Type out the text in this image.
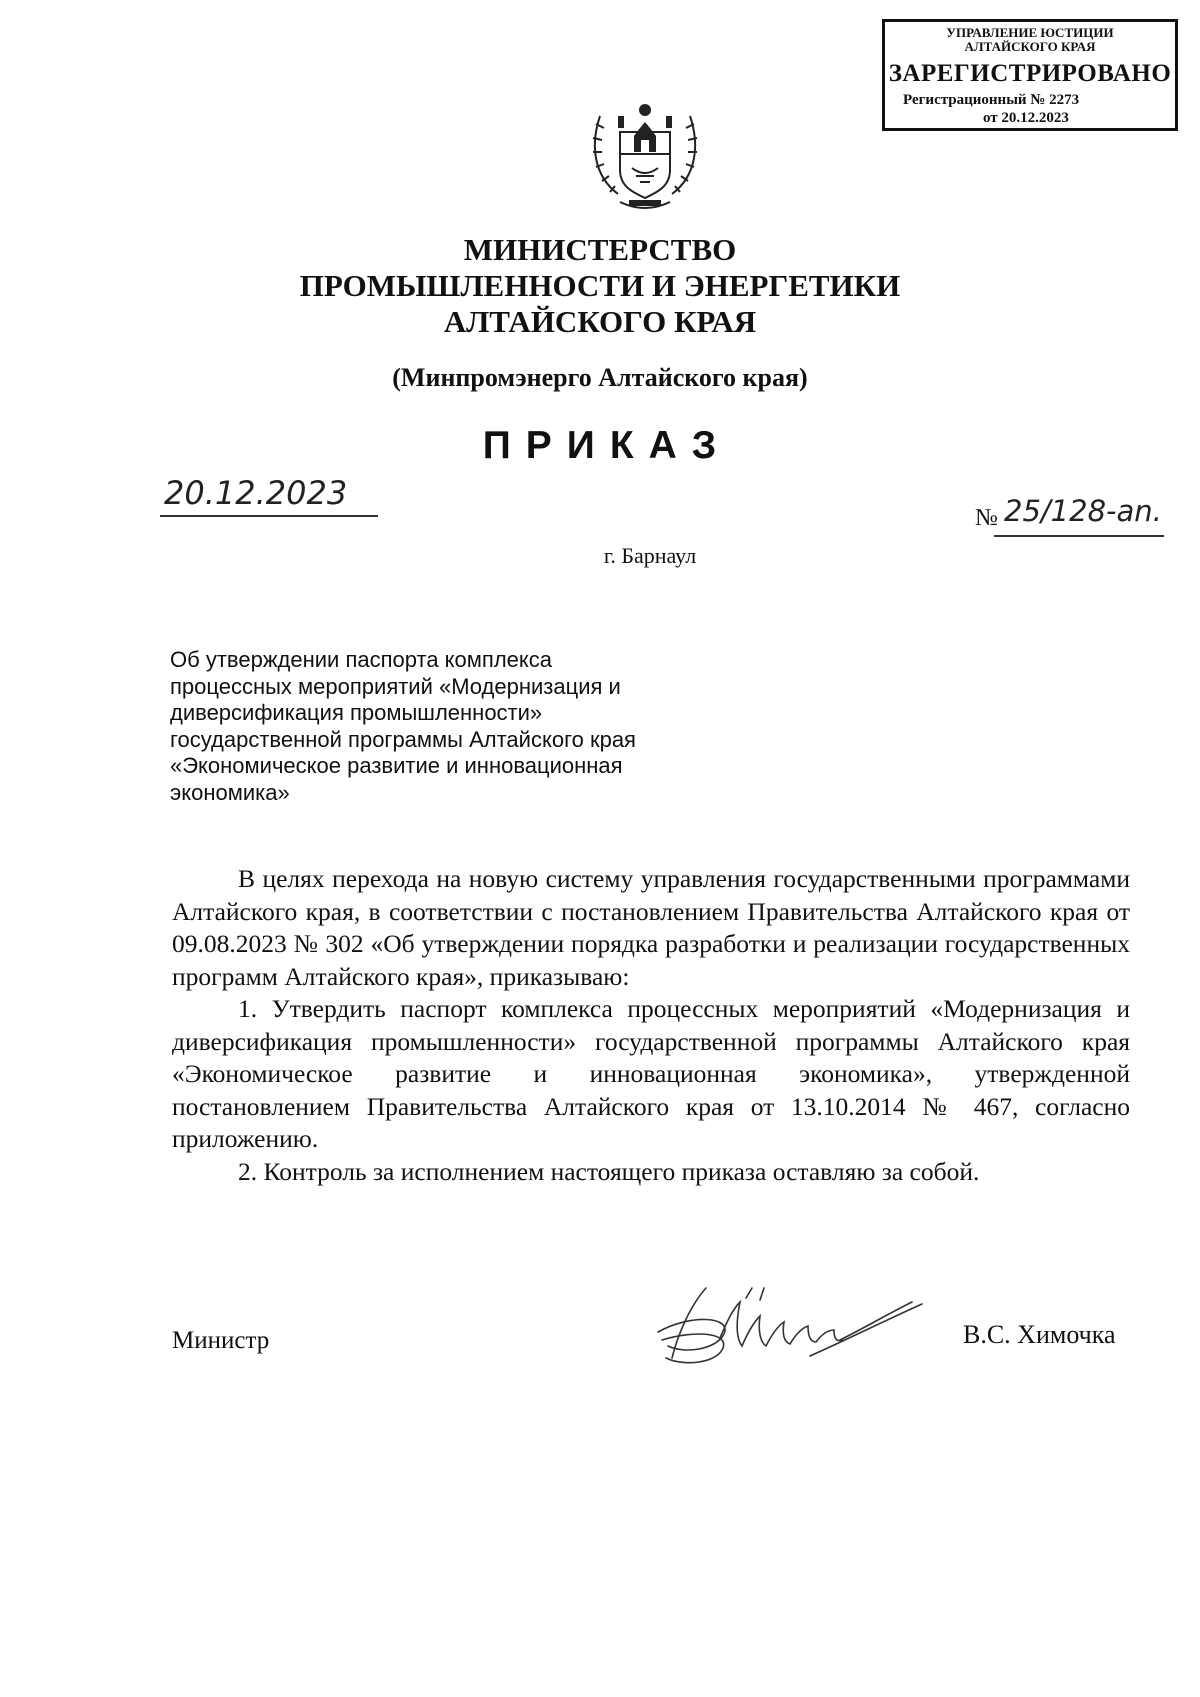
УПРАВЛЕНИЕ ЮСТИЦИИ
АЛТАЙСКОГО КРАЯ
ЗАРЕГИСТРИРОВАНО
Регистрационный № 2273
от 20.12.2023
МИНИСТЕРСТВО
ПРОМЫШЛЕННОСТИ И ЭНЕРГЕТИКИ
АЛТАЙСКОГО КРАЯ
(Минпромэнерго Алтайского края)
ПРИКАЗ
20.12.2023
№ 25/128-an.
г. Барнаул
Об утверждении паспорта комплекса процессных мероприятий «Модернизация и диверсификация промышленности» государственной программы Алтайского края «Экономическое развитие и инновационная экономика»

В целях перехода на новую систему управления государственными программами Алтайского края, в соответствии с постановлением Правительства Алтайского края от 09.08.2023 № 302 «Об утверждении порядка разработки и реализации государственных программ Алтайского края», приказываю:

1. Утвердить паспорт комплекса процессных мероприятий «Модернизация и диверсификация промышленности» государственной программы Алтайского края «Экономическое развитие и инновационная экономика», утвержденной постановлением Правительства Алтайского края от 13.10.2014 № 467, согласно приложению.

2. Контроль за исполнением настоящего приказа оставляю за собой.

Министр	В.С. Химочка
